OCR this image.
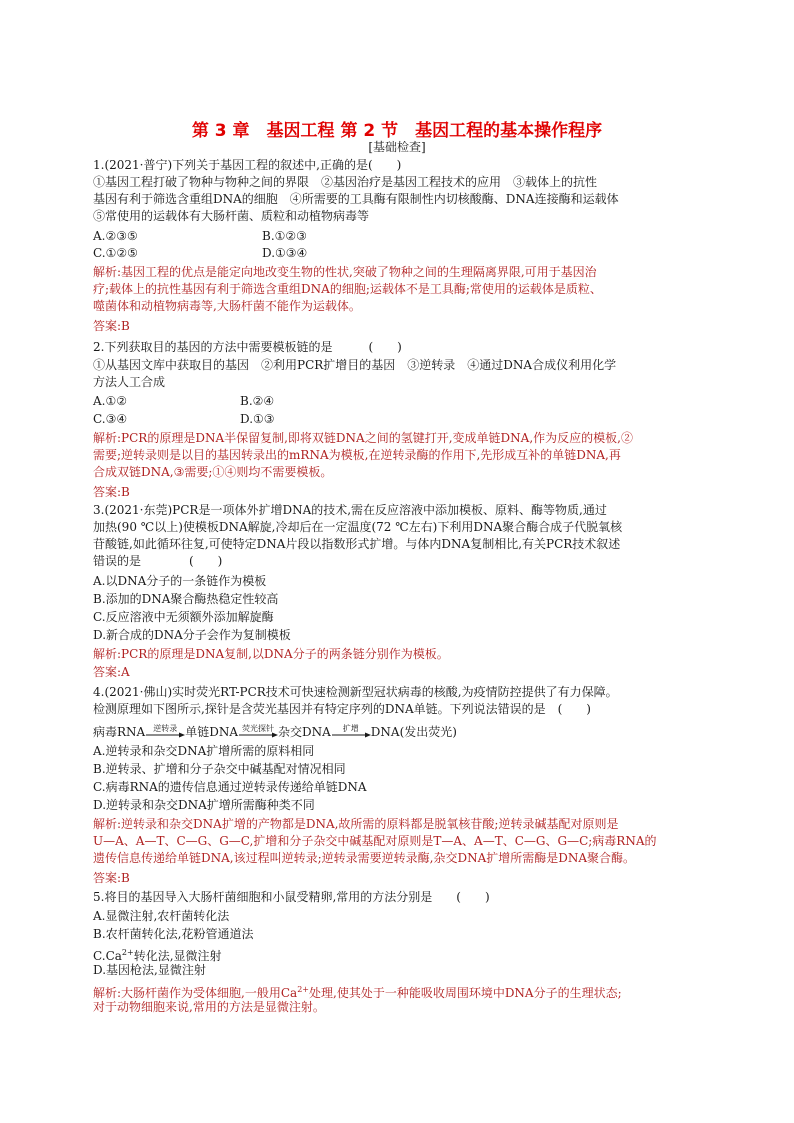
第 3 章　基因工程 第 2 节　基因工程的基本操作程序
[基础检查]
1.(2021·普宁)下列关于基因工程的叙述中,正确的是(　　)
①基因工程打破了物种与物种之间的界限　②基因治疗是基因工程技术的应用　③载体上的抗性
基因有利于筛选含重组DNA的细胞　④所需要的工具酶有限制性内切核酸酶、DNA连接酶和运载体
⑤常使用的运载体有大肠杆菌、质粒和动植物病毒等
A.②③⑤	B.①②③
C.①②⑤	D.①③④
解析:基因工程的优点是能定向地改变生物的性状,突破了物种之间的生理隔离界限,可用于基因治
疗;载体上的抗性基因有利于筛选含重组DNA的细胞;运载体不是工具酶;常使用的运载体是质粒、
噬菌体和动植物病毒等,大肠杆菌不能作为运载体。
答案:B
2.下列获取目的基因的方法中需要模板链的是　　　(　　)
①从基因文库中获取目的基因　②利用PCR扩增目的基因　③逆转录　④通过DNA合成仪利用化学
方法人工合成
A.①②	B.②④
C.③④	D.①③
解析:PCR的原理是DNA半保留复制,即将双链DNA之间的氢键打开,变成单链DNA,作为反应的模板,②
需要;逆转录则是以目的基因转录出的mRNA为模板,在逆转录酶的作用下,先形成互补的单链DNA,再
合成双链DNA,③需要;①④则均不需要模板。
答案:B
3.(2021·东莞)PCR是一项体外扩增DNA的技术,需在反应溶液中添加模板、原料、酶等物质,通过
加热(90 ℃以上)使模板DNA解旋,冷却后在一定温度(72 ℃左右)下利用DNA聚合酶合成子代脱氧核
苷酸链,如此循环往复,可使特定DNA片段以指数形式扩增。与体内DNA复制相比,有关PCR技术叙述
错误的是　　　　(　　)
A.以DNA分子的一条链作为模板
B.添加的DNA聚合酶热稳定性较高
C.反应溶液中无须额外添加解旋酶
D.新合成的DNA分子会作为复制模板
解析:PCR的原理是DNA复制,以DNA分子的两条链分别作为模板。
答案:A
4.(2021·佛山)实时荧光RT-PCR技术可快速检测新型冠状病毒的核酸,为疫情防控提供了有力保障。
检测原理如下图所示,探针是含荧光基因并有特定序列的DNA单链。下列说法错误的是　(　　)
病毒RNA	逆转录 单链DNA 荧光探针 杂交DNA	扩增	DNA(发出荧光)
A.逆转录和杂交DNA扩增所需的原料相同
B.逆转录、扩增和分子杂交中碱基配对情况相同
C.病毒RNA的遗传信息通过逆转录传递给单链DNA
D.逆转录和杂交DNA扩增所需酶种类不同
解析:逆转录和杂交DNA扩增的产物都是DNA,故所需的原料都是脱氧核苷酸;逆转录碱基配对原则是
U—A、A—T、C—G、G—C,扩增和分子杂交中碱基配对原则是T—A、A—T、C—G、G—C;病毒RNA的
遗传信息传递给单链DNA,该过程叫逆转录;逆转录需要逆转录酶,杂交DNA扩增所需酶是DNA聚合酶。
答案:B
5.将目的基因导入大肠杆菌细胞和小鼠受精卵,常用的方法分别是　　(　　)
A.显微注射,农杆菌转化法
B.农杆菌转化法,花粉管通道法
$C.Ca^{2+}$转化法,显微注射
D.基因枪法,显微注射
解析:大肠杆菌作为受体细胞,一般用$Ca^{2+}$处理,使其处于一种能吸收周围环境中DNA分子的生理状态;
对于动物细胞来说,常用的方法是显微注射。
